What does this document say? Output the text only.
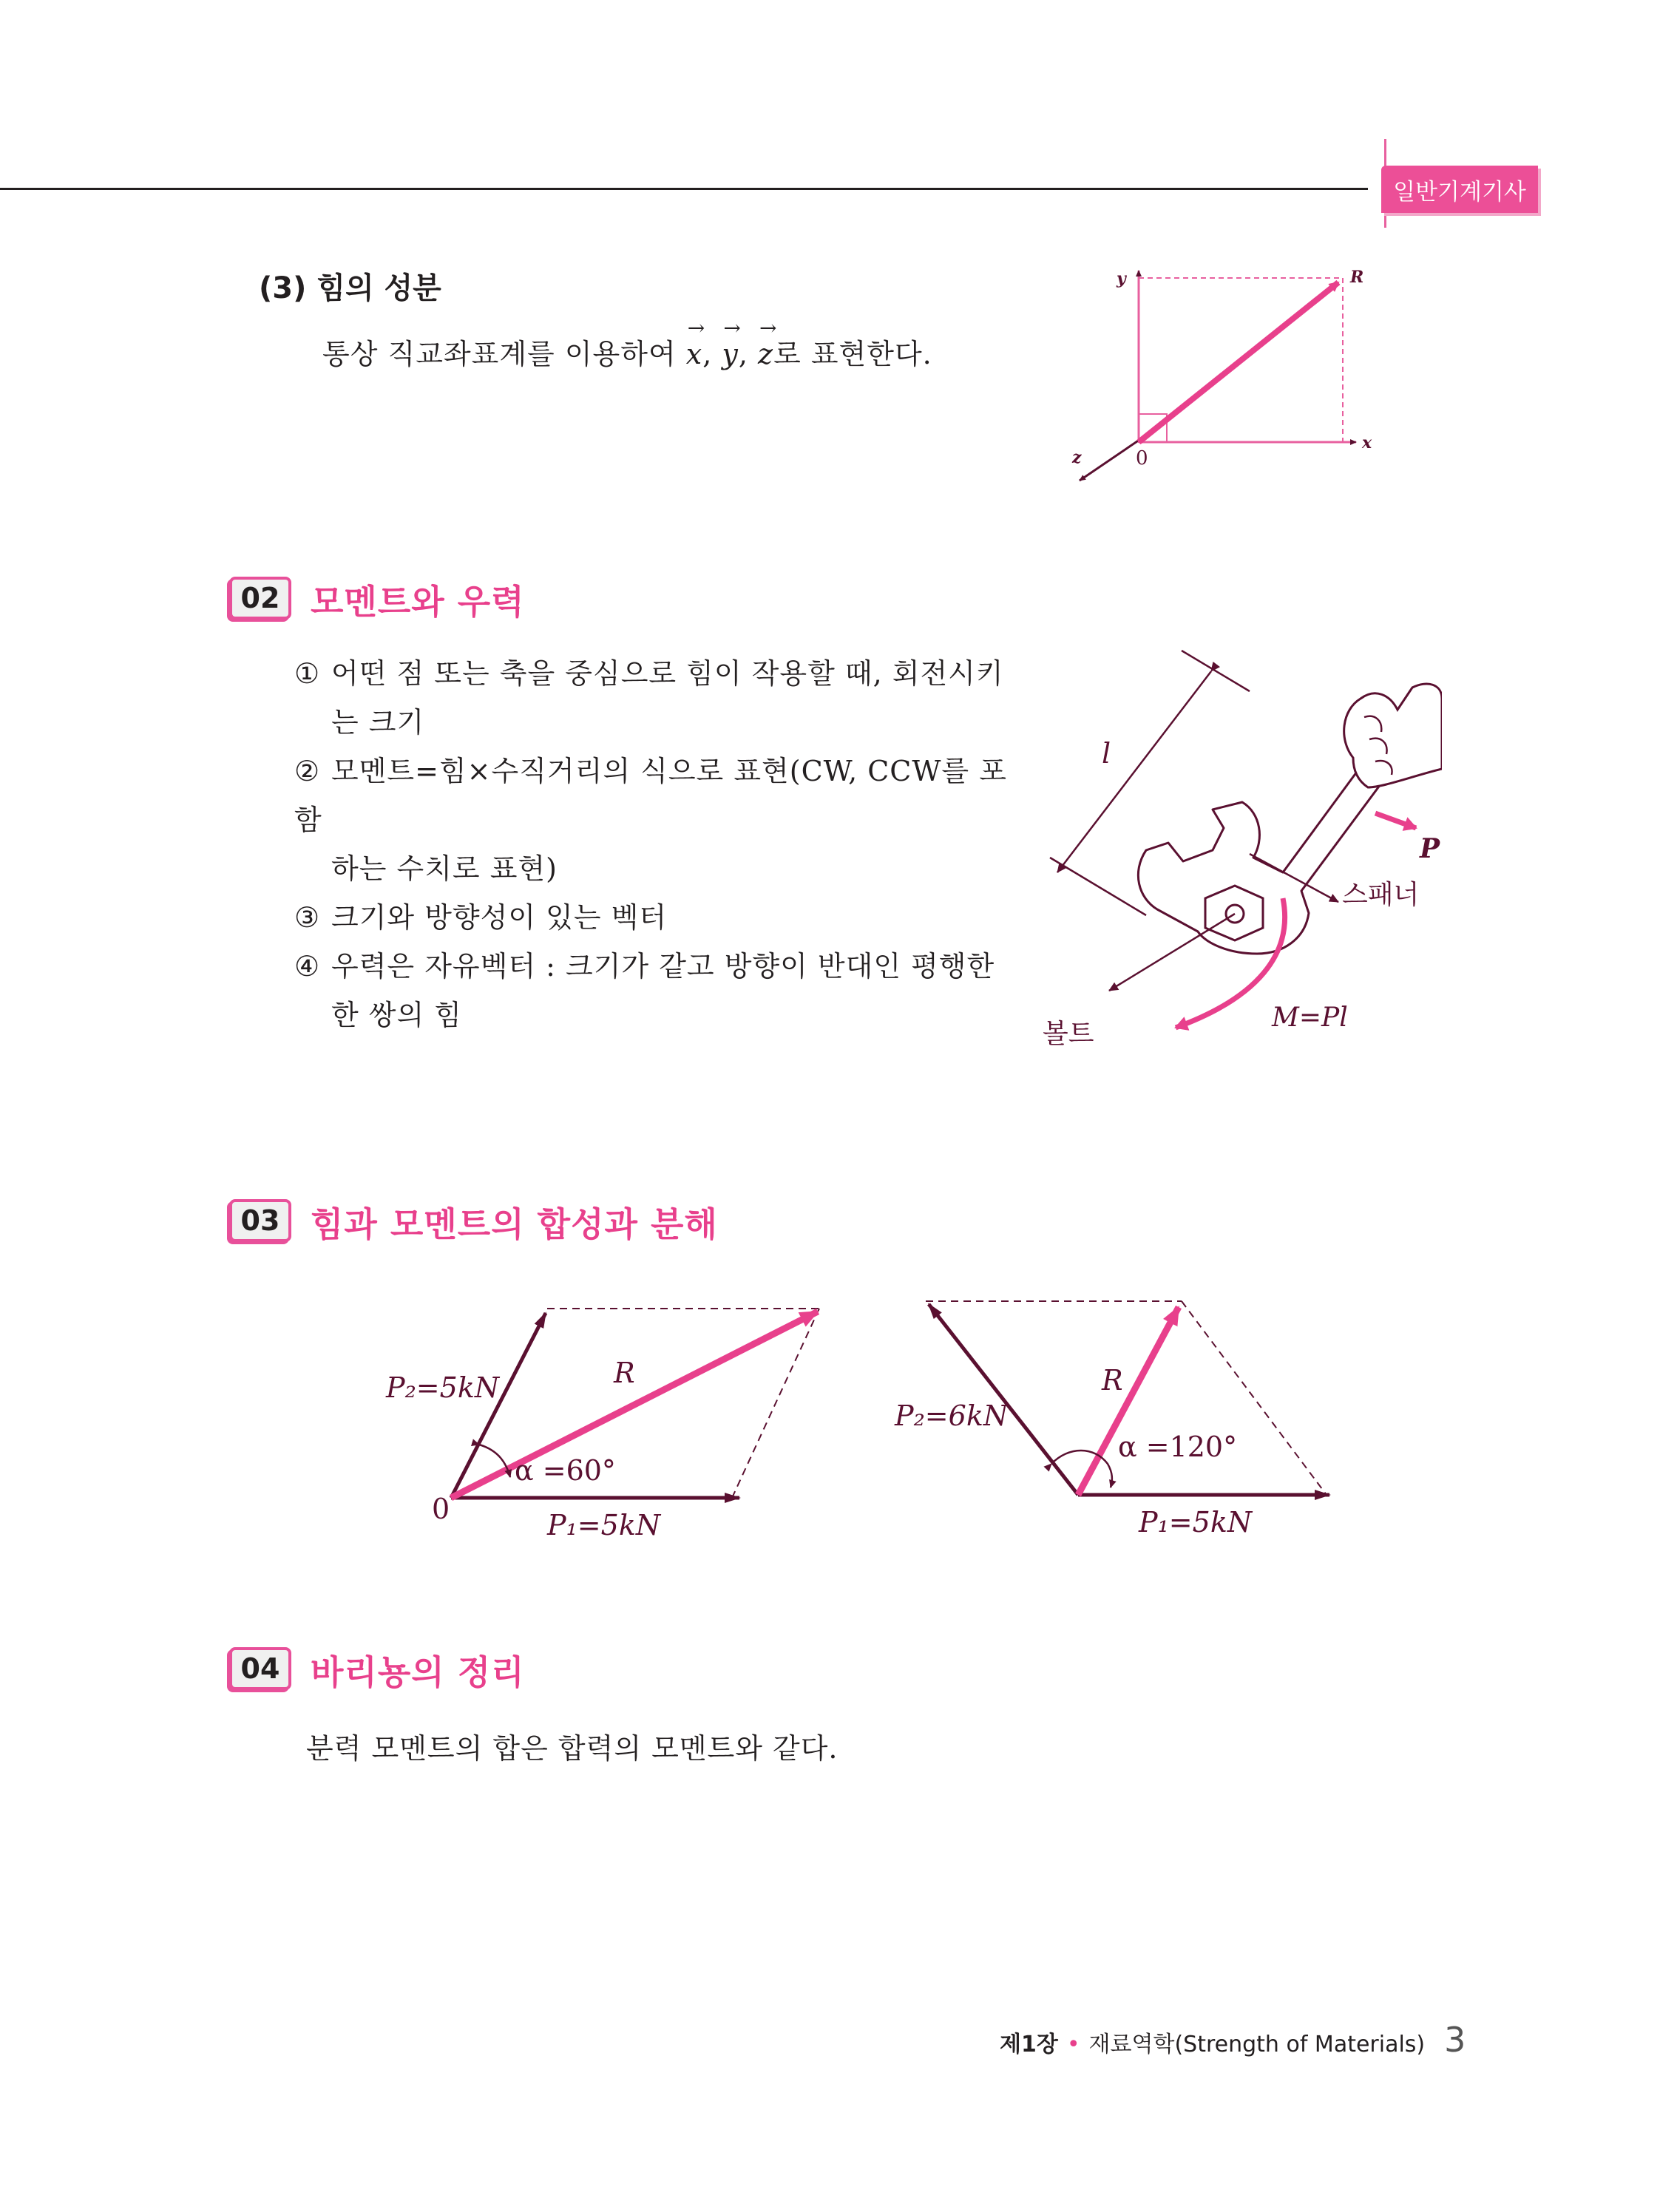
일반기계기사
(3) 힘의 성분
통상 직교좌표계를 이용하여
→
x,
→
y,
→
z로 표현한다.
y	R
x
z	0
02 모멘트와 우력
① 어떤 점 또는 축을 중심으로 힘이 작용할 때, 회전시키
는 크기
② 모멘트=힘×수직거리의 식으로 표현(CW, CCW를 포함
하는 수치로 표현)
③ 크기와 방향성이 있는 벡터
④ 우력은 자유벡터 : 크기가 같고 방향이 반대인 평행한
한 쌍의 힘
l
P
스패너
볼트
M=Pl
03 힘과 모멘트의 합성과 분해
P₂=5kN	R
α =60°
0	P₁=5kN
R
P₂=6kN
α =120°
P₁=5kN
04 바리뇽의 정리
분력 모멘트의 합은 합력의 모멘트와 같다.
제1장 • 재료역학(Strength of Materials) 3
